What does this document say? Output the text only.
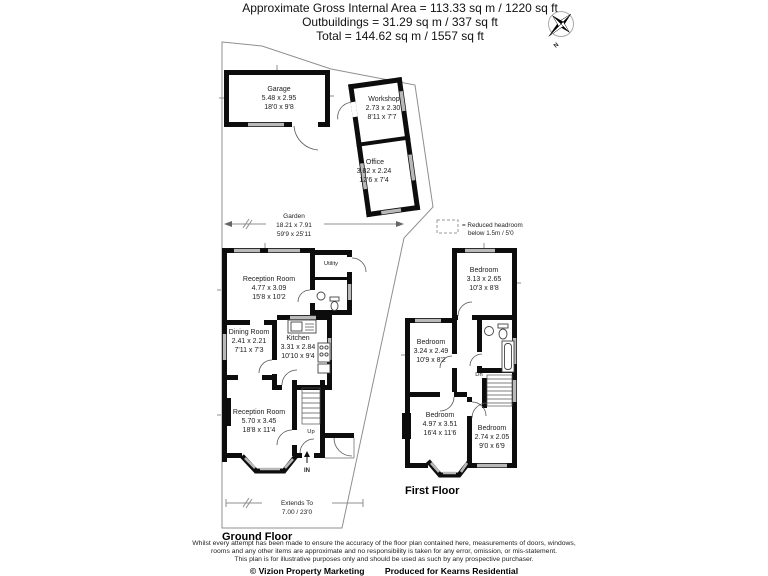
Approximate Gross Internal Area = 113.33 sq m / 1220 sq ft
Outbuildings = 31.29 sq m / 337 sq ft
Total = 144.62 sq m / 1557 sq ft
N
Garage
5.48 x 2.95
18'0 x 9'8
Workshop
2.73 x 2.30
8'11 x 7'7
Office
3.82 x 2.24
12'6 x 7'4
Garden
18.21 x 7.91
59'9 x 25'11
Reception Room
4.77 x 3.09
15'8 x 10'2
Utility
Dining Room
2.41 x 2.21
7'11 x 7'3
Kitchen
3.31 x 2.84
10'10 x 9'4
Reception Room
5.70 x 3.45
18'8 x 11'4	Up
IN
Extends To
7.00 / 23'0
Ground Floor
= Reduced headroom
below 1.5m / 5'0
Bedroom
3.13 x 2.65
10'3 x 8'8
Bedroom
3.24 x 2.49
10'9 x 8'2
Bedroom
4.97 x 3.51
16'4 x 11'6
Bedroom
2.74 x 2.05
9'0 x 6'9
Dn
First Floor
Whilst every attempt has been made to ensure the accuracy of the floor plan contained here, measurements of doors, windows,
rooms and any other items are approximate and no responsibility is taken for any error, omission, or mis-statement.
This plan is for illustrative purposes only and should be used as such by any prospective purchaser.
© Vizion Property Marketing Produced for Kearns Residential
